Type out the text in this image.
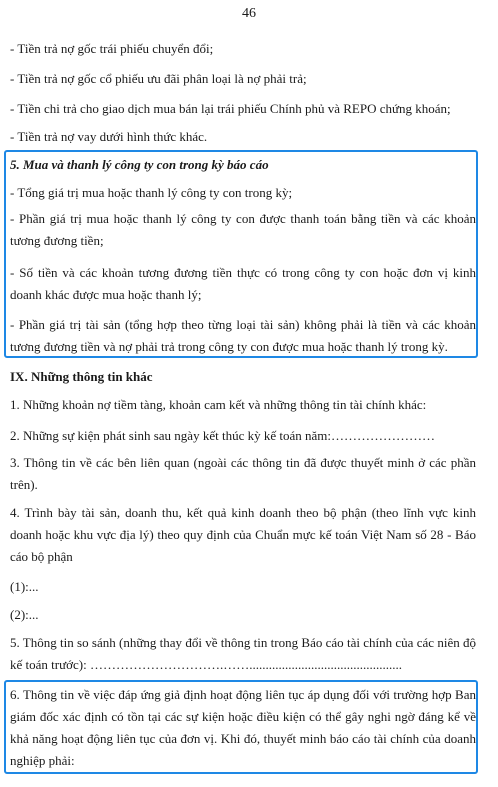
46
- Tiền trả nợ gốc trái phiếu chuyển đổi;
- Tiền trả nợ gốc cổ phiếu ưu đãi phân loại là nợ phải trả;
- Tiền chi trả cho giao dịch mua bán lại trái phiếu Chính phủ và REPO chứng khoán;
- Tiền trả nợ vay dưới hình thức khác.
5. Mua và thanh lý công ty con trong kỳ báo cáo
- Tổng giá trị mua hoặc thanh lý công ty con trong kỳ;
- Phần giá trị mua hoặc thanh lý công ty con được thanh toán bằng tiền và các khoản tương đương tiền;
- Số tiền và các khoản tương đương tiền thực có trong công ty con hoặc đơn vị kinh doanh khác được mua hoặc thanh lý;
- Phần giá trị tài sản (tổng hợp theo từng loại tài sản) không phải là tiền và các khoản tương đương tiền và nợ phải trả trong công ty con được mua hoặc thanh lý trong kỳ.
IX. Những thông tin khác
1. Những khoản nợ tiềm tàng, khoản cam kết và những thông tin tài chính khác:
2. Những sự kiện phát sinh sau ngày kết thúc kỳ kế toán năm:……………………
3. Thông tin về các bên liên quan (ngoài các thông tin đã được thuyết minh ở các phần trên).
4. Trình bày tài sản, doanh thu, kết quả kinh doanh theo bộ phận (theo lĩnh vực kinh doanh hoặc khu vực địa lý) theo quy định của Chuẩn mực kế toán Việt Nam số 28 - Báo cáo bộ phận
(1):...
(2):...
5. Thông tin so sánh (những thay đổi về thông tin trong Báo cáo tài chính của các niên độ kế toán trước): ………………………….……...............................................
6. Thông tin về việc đáp ứng giả định hoạt động liên tục áp dụng đối với trường hợp Ban giám đốc xác định có tồn tại các sự kiện hoặc điều kiện có thể gây nghi ngờ đáng kể về khả năng hoạt động liên tục của đơn vị. Khi đó, thuyết minh báo cáo tài chính của doanh nghiệp phải:
